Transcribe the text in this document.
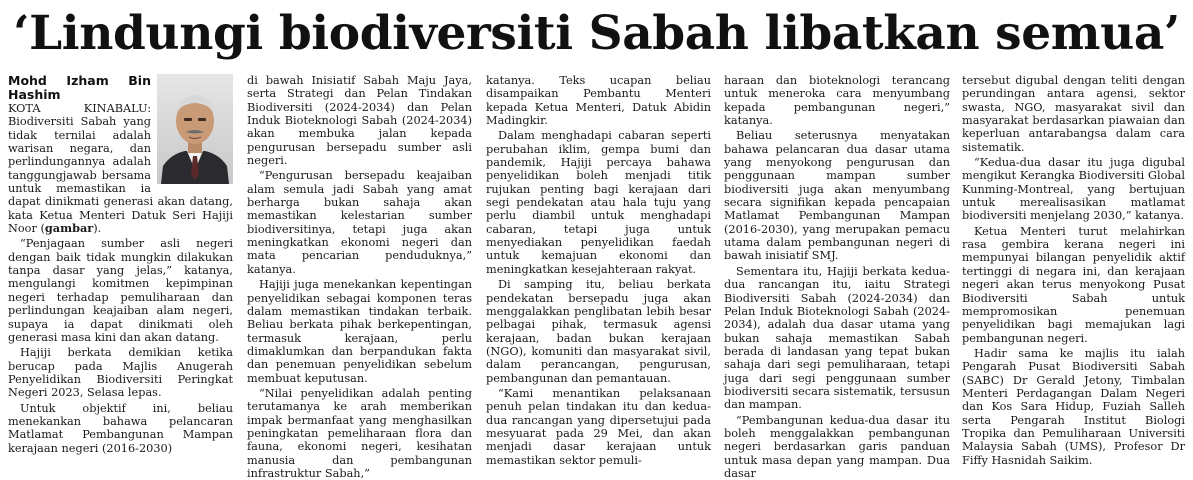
‘Lindungi biodiversiti Sabah libatkan semua’
Mohd Izham Bin Hashim

KOTA KINABALU: Biodiversiti Sabah yang tidak ternilai adalah warisan negara, dan perlindungannya adalah tanggungjawab bersama untuk memastikan ia dapat dinikmati generasi akan datang, kata Ketua Menteri Datuk Seri Hajiji Noor (gambar).

“Penjagaan sumber asli negeri dengan baik tidak mungkin dilakukan tanpa dasar yang jelas,” katanya, mengulangi komitmen kepimpinan negeri terhadap pemuliharaan dan perlindungan keajaiban alam negeri, supaya ia dapat dinikmati oleh generasi masa kini dan akan datang.

Hajiji berkata demikian ketika berucap pada Majlis Anugerah Penyelidikan Biodiversiti Peringkat Negeri 2023, Selasa lepas.

Untuk objektif ini, beliau menekankan bahawa pelancaran Matlamat Pembangunan Mampan kerajaan negeri (2016-2030)

di bawah Inisiatif Sabah Maju Jaya, serta Strategi dan Pelan Tindakan Biodiversiti (2024-2034) dan Pelan Induk Bioteknologi Sabah (2024-2034) akan membuka jalan kepada pengurusan bersepadu sumber asli negeri.

“Pengurusan bersepadu keajaiban alam semula jadi Sabah yang amat berharga bukan sahaja akan memastikan kelestarian sumber biodiversitinya, tetapi juga akan meningkatkan ekonomi negeri dan mata pencarian penduduknya,” katanya.

Hajiji juga menekankan kepentingan penyelidikan sebagai komponen teras dalam memastikan tindakan terbaik. Beliau berkata pihak berkepentingan, termasuk kerajaan, perlu dimaklumkan dan berpandukan fakta dan penemuan penyelidikan sebelum membuat keputusan.

“Nilai penyelidikan adalah penting terutamanya ke arah memberikan impak bermanfaat yang menghasilkan peningkatan pemeliharaan flora dan fauna, ekonomi negeri, kesihatan manusia dan pembangunan infrastruktur Sabah,”

katanya. Teks ucapan beliau disampaikan Pembantu Menteri kepada Ketua Menteri, Datuk Abidin Madingkir.

Dalam menghadapi cabaran seperti perubahan iklim, gempa bumi dan pandemik, Hajiji percaya bahawa penyelidikan boleh menjadi titik rujukan penting bagi kerajaan dari segi pendekatan atau hala tuju yang perlu diambil untuk menghadapi cabaran, tetapi juga untuk menyediakan penyelidikan faedah untuk kemajuan ekonomi dan meningkatkan kesejahteraan rakyat.

Di samping itu, beliau berkata pendekatan bersepadu juga akan menggalakkan penglibatan lebih besar pelbagai pihak, termasuk agensi kerajaan, badan bukan kerajaan (NGO), komuniti dan masyarakat sivil, dalam perancangan, pengurusan, pembangunan dan pemantauan.

“Kami menantikan pelaksanaan penuh pelan tindakan itu dan kedua-dua rancangan yang dipersetujui pada mesyuarat pada 29 Mei, dan akan menjadi dasar kerajaan untuk memastikan sektor pemuli-

haraan dan bioteknologi terancang untuk meneroka cara menyumbang kepada pembangunan negeri,” katanya.

Beliau seterusnya menyatakan bahawa pelancaran dua dasar utama yang menyokong pengurusan dan penggunaan mampan sumber biodiversiti juga akan menyumbang secara signifikan kepada pencapaian Matlamat Pembangunan Mampan (2016-2030), yang merupakan pemacu utama dalam pembangunan negeri di bawah inisiatif SMJ.

Sementara itu, Hajiji berkata kedua-dua rancangan itu, iaitu Strategi Biodiversiti Sabah (2024-2034) dan Pelan Induk Bioteknologi Sabah (2024-2034), adalah dua dasar utama yang bukan sahaja memastikan Sabah berada di landasan yang tepat bukan sahaja dari segi pemuliharaan, tetapi juga dari segi penggunaan sumber biodiversiti secara sistematik, tersusun dan mampan.

“Pembangunan kedua-dua dasar itu boleh menggalakkan pembangunan negeri berdasarkan garis panduan untuk masa depan yang mampan. Dua dasar

tersebut digubal dengan teliti dengan perundingan antara agensi, sektor swasta, NGO, masyarakat sivil dan masyarakat berdasarkan piawaian dan keperluan antarabangsa dalam cara sistematik.

“Kedua-dua dasar itu juga digubal mengikut Kerangka Biodiversiti Global Kunming-Montreal, yang bertujuan untuk merealisasikan matlamat biodiversiti menjelang 2030,” katanya.

Ketua Menteri turut melahirkan rasa gembira kerana negeri ini mempunyai bilangan penyelidik aktif tertinggi di negara ini, dan kerajaan negeri akan terus menyokong Pusat Biodiversiti Sabah untuk mempromosikan penemuan penyelidikan bagi memajukan lagi pembangunan negeri.

Hadir sama ke majlis itu ialah Pengarah Pusat Biodiversiti Sabah (SABC) Dr Gerald Jetony, Timbalan Menteri Perdagangan Dalam Negeri dan Kos Sara Hidup, Fuziah Salleh serta Pengarah Institut Biologi Tropika dan Pemuliharaan Universiti Malaysia Sabah (UMS), Profesor Dr Fiffy Hasnidah Saikim.
